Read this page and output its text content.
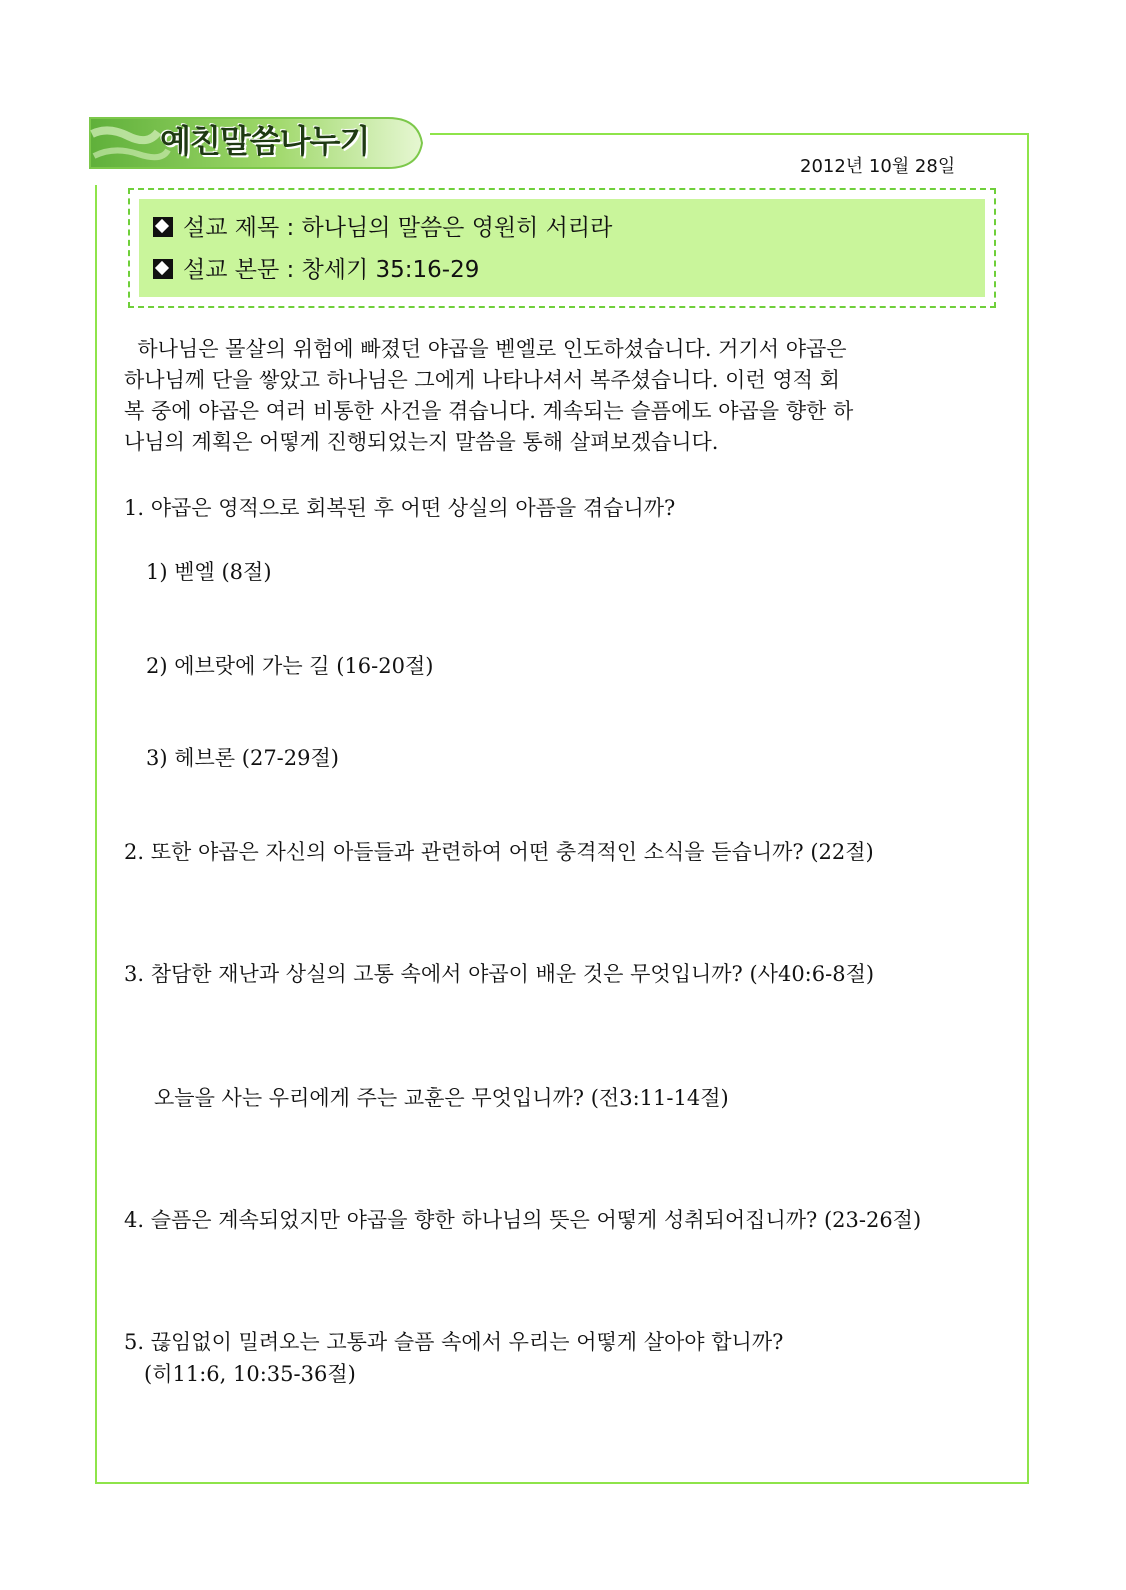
예친말씀나누기
2012년 10월 28일
설교 제목 : 하나님의 말씀은 영원히 서리라
설교 본문 : 창세기 35:16-29
하나님은 몰살의 위험에 빠졌던 야곱을 벧엘로 인도하셨습니다. 거기서 야곱은
하나님께 단을 쌓았고 하나님은 그에게 나타나셔서 복주셨습니다. 이런 영적 회
복 중에 야곱은 여러 비통한 사건을 겪습니다. 계속되는 슬픔에도 야곱을 향한 하
나님의 계획은 어떻게 진행되었는지 말씀을 통해 살펴보겠습니다.
1. 야곱은 영적으로 회복된 후 어떤 상실의 아픔을 겪습니까?
1) 벧엘 (8절)
2) 에브랏에 가는 길 (16-20절)
3) 헤브론 (27-29절)
2. 또한 야곱은 자신의 아들들과 관련하여 어떤 충격적인 소식을 듣습니까? (22절)
3. 참담한 재난과 상실의 고통 속에서 야곱이 배운 것은 무엇입니까? (사40:6-8절)
오늘을 사는 우리에게 주는 교훈은 무엇입니까? (전3:11-14절)
4. 슬픔은 계속되었지만 야곱을 향한 하나님의 뜻은 어떻게 성취되어집니까? (23-26절)
5. 끊임없이 밀려오는 고통과 슬픔 속에서 우리는 어떻게 살아야 합니까?
(히11:6, 10:35-36절)
